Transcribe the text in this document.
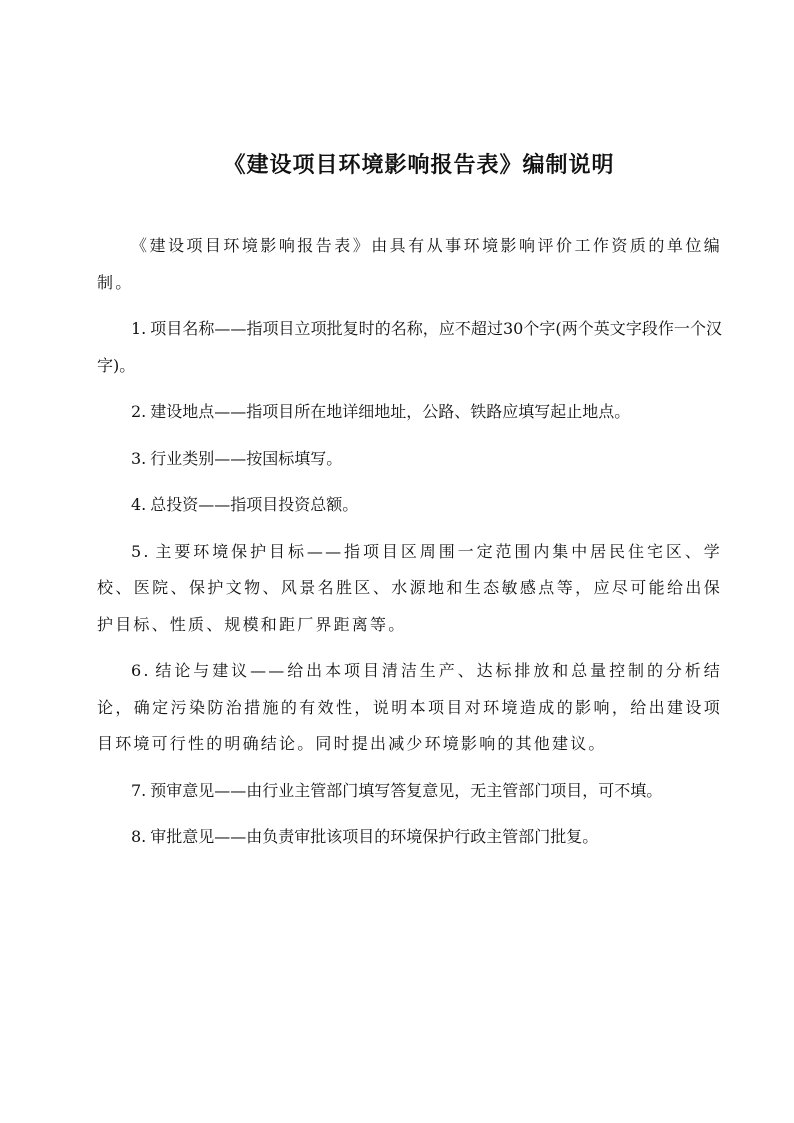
《建设项目环境影响报告表》编制说明

《建设项目环境影响报告表》由具有从事环境影响评价工作资质的单位编制。

1. 项目名称——指项目立项批复时的名称，应不超过30个字(两个英文字段作一个汉字)。

2. 建设地点——指项目所在地详细地址，公路、铁路应填写起止地点。

3. 行业类别——按国标填写。

4. 总投资——指项目投资总额。

5. 主要环境保护目标——指项目区周围一定范围内集中居民住宅区、学校、医院、保护文物、风景名胜区、水源地和生态敏感点等，应尽可能给出保护目标、性质、规模和距厂界距离等。

6. 结论与建议——给出本项目清洁生产、达标排放和总量控制的分析结论，确定污染防治措施的有效性，说明本项目对环境造成的影响，给出建设项目环境可行性的明确结论。同时提出减少环境影响的其他建议。

7. 预审意见——由行业主管部门填写答复意见，无主管部门项目，可不填。

8. 审批意见——由负责审批该项目的环境保护行政主管部门批复。
